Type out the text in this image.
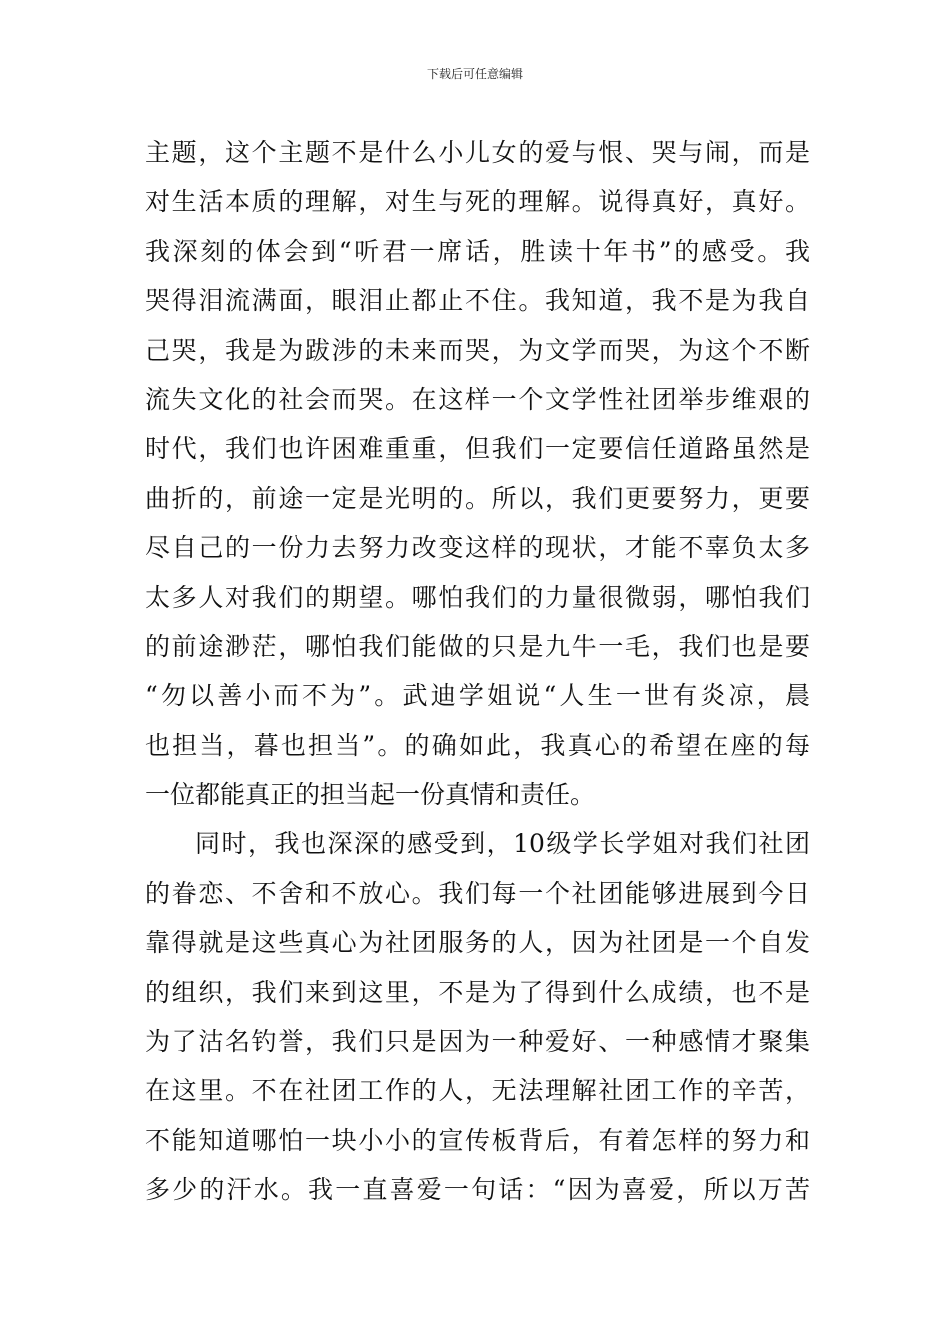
下载后可任意编辑
主题，这个主题不是什么小儿女的爱与恨、哭与闹，而是
对生活本质的理解，对生与死的理解。说得真好，真好。
我深刻的体会到“听君一席话，胜读十年书”的感受。我
哭得泪流满面，眼泪止都止不住。我知道，我不是为我自
己哭，我是为跋涉的未来而哭，为文学而哭，为这个不断
流失文化的社会而哭。在这样一个文学性社团举步维艰的
时代，我们也许困难重重，但我们一定要信任道路虽然是
曲折的，前途一定是光明的。所以，我们更要努力，更要
尽自己的一份力去努力改变这样的现状，才能不辜负太多
太多人对我们的期望。哪怕我们的力量很微弱，哪怕我们
的前途渺茫，哪怕我们能做的只是九牛一毛，我们也是要
“勿以善小而不为”。武迪学姐说“人生一世有炎凉，晨
也担当，暮也担当”。的确如此，我真心的希望在座的每
一位都能真正的担当起一份真情和责任。
同时，我也深深的感受到，10级学长学姐对我们社团
的眷恋、不舍和不放心。我们每一个社团能够进展到今日
靠得就是这些真心为社团服务的人，因为社团是一个自发
的组织，我们来到这里，不是为了得到什么成绩，也不是
为了沽名钓誉，我们只是因为一种爱好、一种感情才聚集
在这里。不在社团工作的人，无法理解社团工作的辛苦，
不能知道哪怕一块小小的宣传板背后，有着怎样的努力和
多少的汗水。我一直喜爱一句话：“因为喜爱，所以万苦
